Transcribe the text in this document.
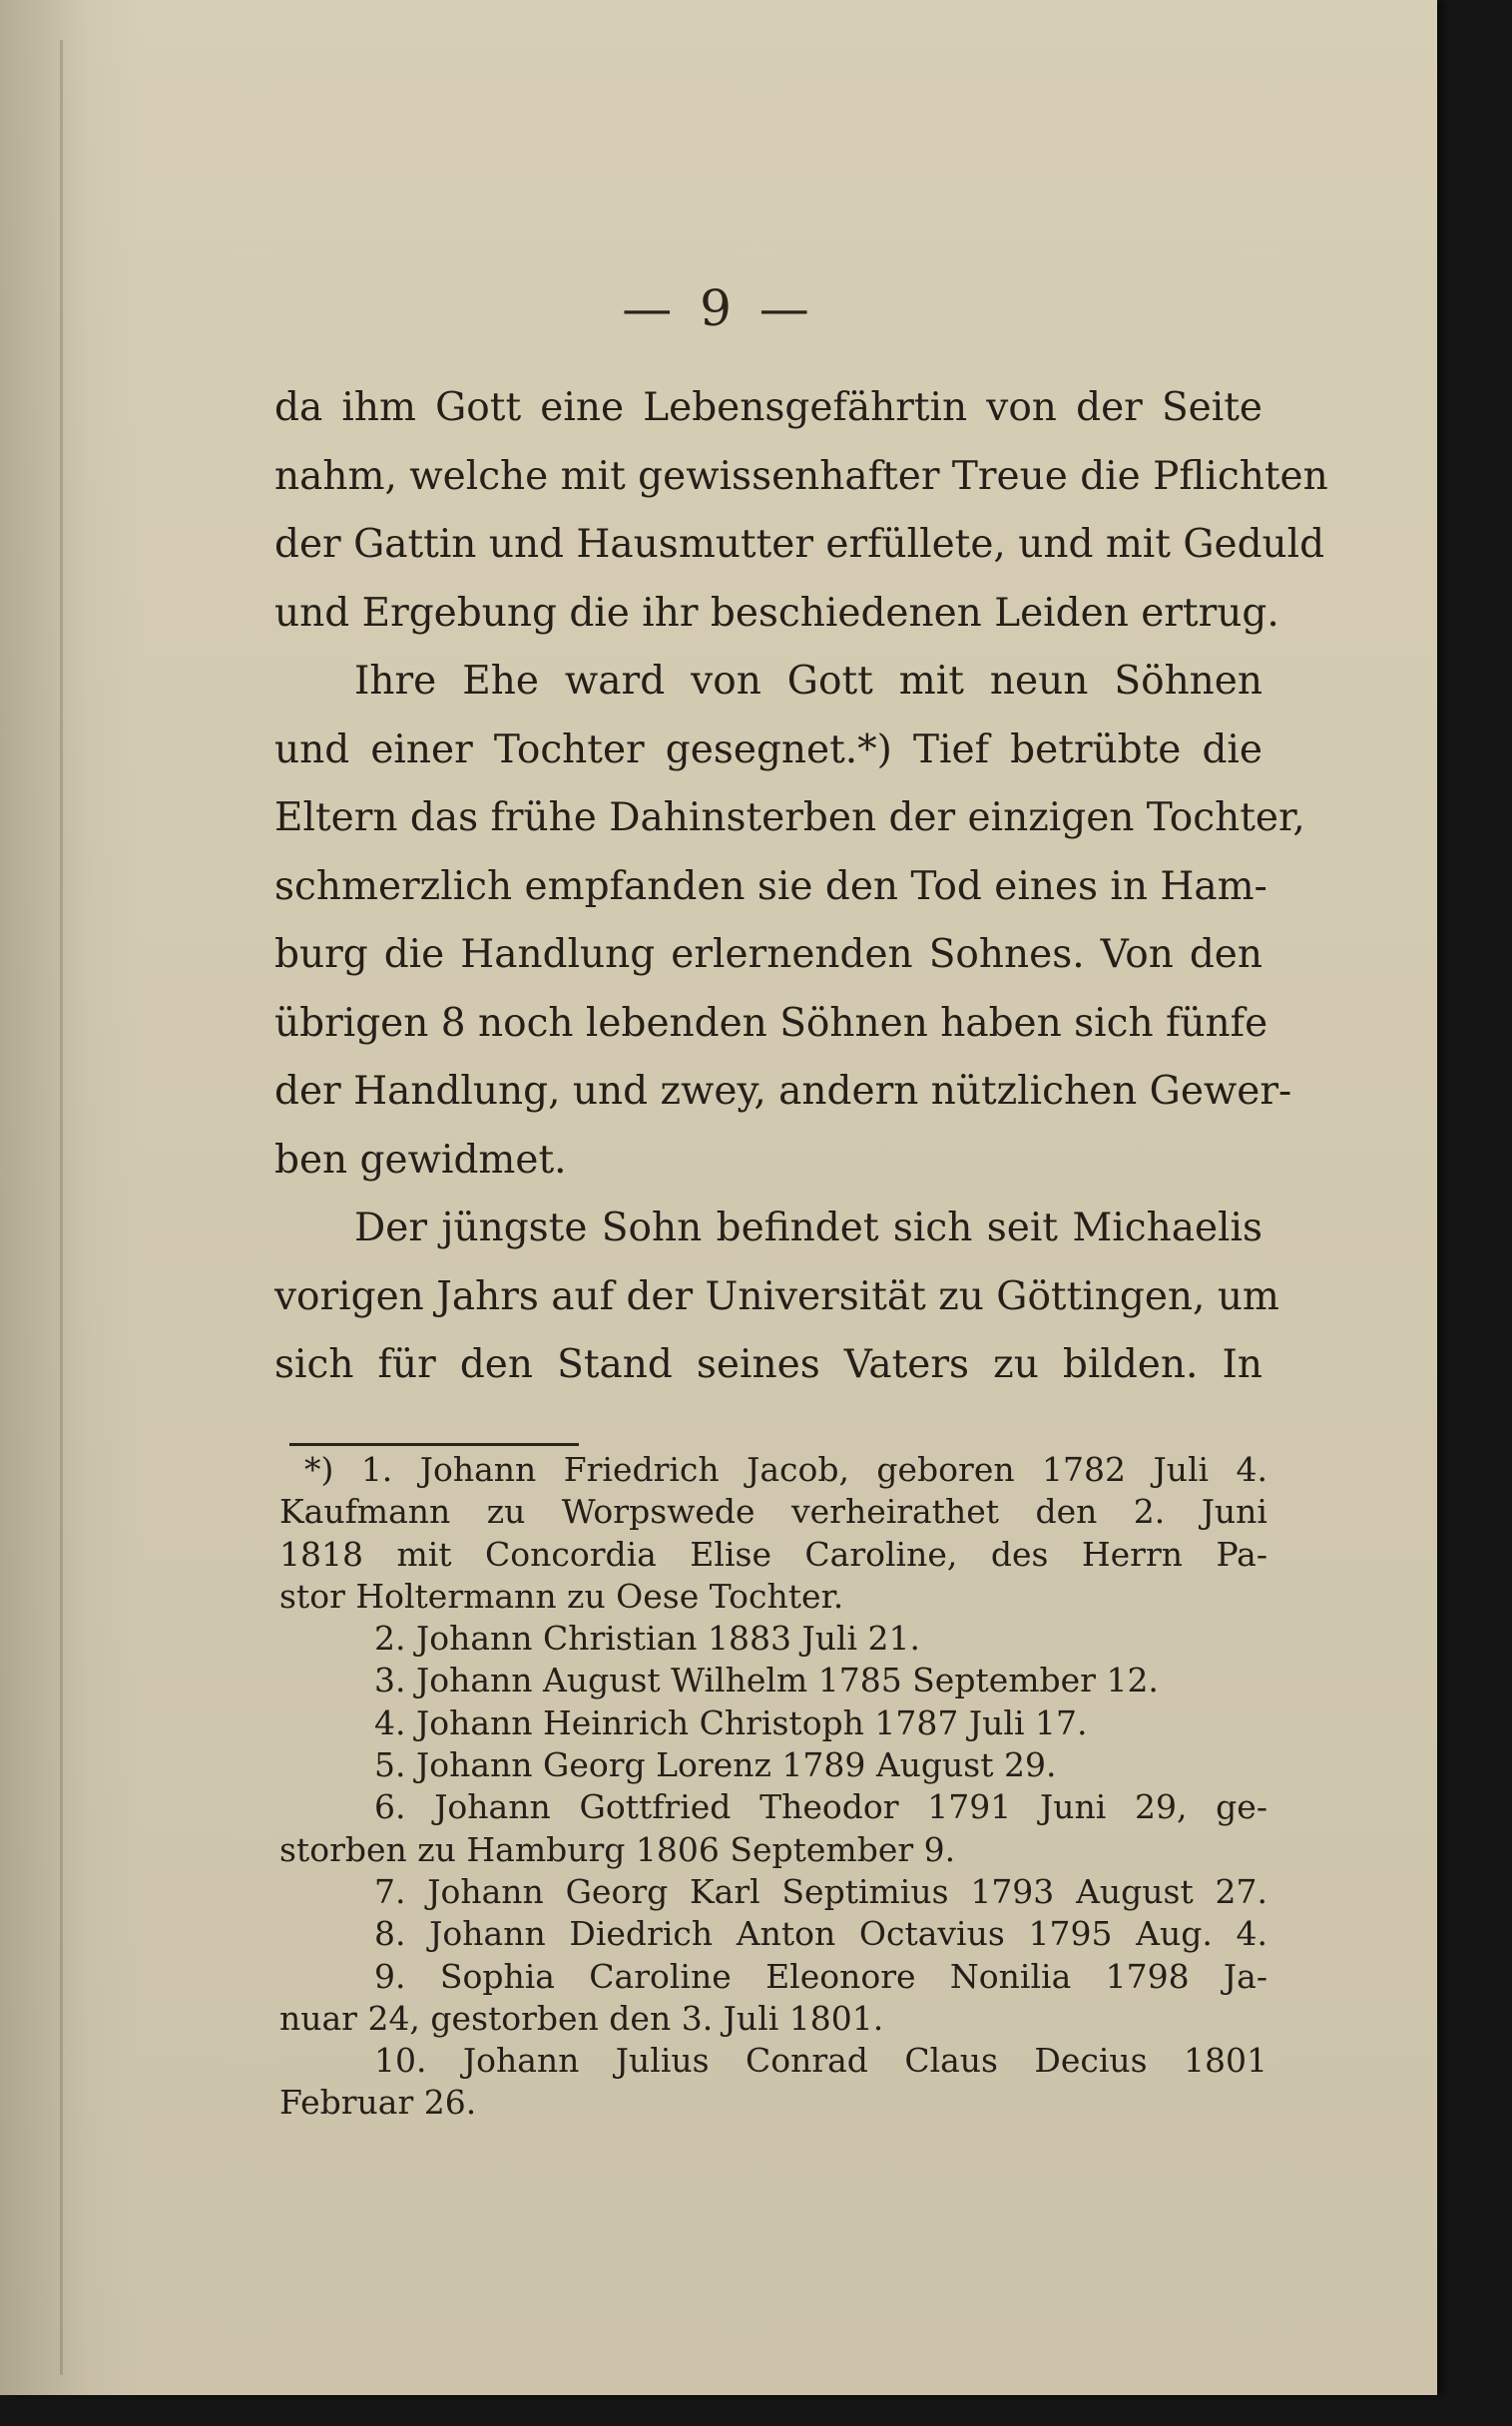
— 9 —
da ihm Gott eine Lebensgefährtin von der Seite
nahm, welche mit gewissenhafter Treue die Pflichten
der Gattin und Hausmutter erfüllete, und mit Geduld
und Ergebung die ihr beschiedenen Leiden ertrug.
Ihre Ehe ward von Gott mit neun Söhnen
und einer Tochter gesegnet.*) Tief betrübte die
Eltern das frühe Dahinsterben der einzigen Tochter,
schmerzlich empfanden sie den Tod eines in Ham-
burg die Handlung erlernenden Sohnes. Von den
übrigen 8 noch lebenden Söhnen haben sich fünfe
der Handlung, und zwey, andern nützlichen Gewer-
ben gewidmet.
Der jüngste Sohn befindet sich seit Michaelis
vorigen Jahrs auf der Universität zu Göttingen, um
sich für den Stand seines Vaters zu bilden. In
*) 1. Johann Friedrich Jacob, geboren 1782 Juli 4.
Kaufmann zu Worpswede verheirathet den 2. Juni
1818 mit Concordia Elise Caroline, des Herrn Pa-
stor Holtermann zu Oese Tochter.
2. Johann Christian 1883 Juli 21.
3. Johann August Wilhelm 1785 September 12.
4. Johann Heinrich Christoph 1787 Juli 17.
5. Johann Georg Lorenz 1789 August 29.
6. Johann Gottfried Theodor 1791 Juni 29, ge-
storben zu Hamburg 1806 September 9.
7. Johann Georg Karl Septimius 1793 August 27.
8. Johann Diedrich Anton Octavius 1795 Aug. 4.
9. Sophia Caroline Eleonore Nonilia 1798 Ja-
nuar 24, gestorben den 3. Juli 1801.
10. Johann Julius Conrad Claus Decius 1801
Februar 26.
